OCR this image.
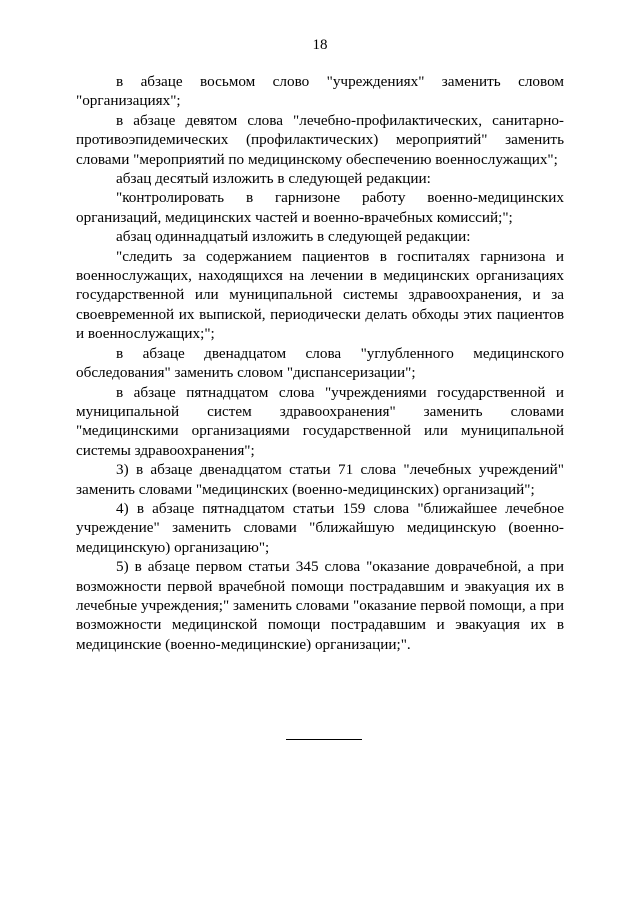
18

в абзаце восьмом слово "учреждениях" заменить словом "организациях";

в абзаце девятом слова "лечебно-профилактических, санитарно-противоэпидемических (профилактических) мероприятий" заменить словами "мероприятий по медицинскому обеспечению военнослужащих";

абзац десятый изложить в следующей редакции:

"контролировать в гарнизоне работу военно-медицинских организаций, медицинских частей и военно-врачебных комиссий;";

абзац одиннадцатый изложить в следующей редакции:

"следить за содержанием пациентов в госпиталях гарнизона и военнослужащих, находящихся на лечении в медицинских организациях государственной или муниципальной системы здравоохранения, и за своевременной их выпиской, периодически делать обходы этих пациентов и военнослужащих;";

в абзаце двенадцатом слова "углубленного медицинского обследования" заменить словом "диспансеризации";

в абзаце пятнадцатом слова "учреждениями государственной и муниципальной систем здравоохранения" заменить словами "медицинскими организациями государственной или муниципальной системы здравоохранения";

3) в абзаце двенадцатом статьи 71 слова "лечебных учреждений" заменить словами "медицинских (военно-медицинских) организаций";

4) в абзаце пятнадцатом статьи 159 слова "ближайшее лечебное учреждение" заменить словами "ближайшую медицинскую (военно-медицинскую) организацию";

5) в абзаце первом статьи 345 слова "оказание доврачебной, а при возможности первой врачебной помощи пострадавшим и эвакуация их в лечебные учреждения;" заменить словами "оказание первой помощи, а при возможности медицинской помощи пострадавшим и эвакуация их в медицинские (военно-медицинские) организации;".
